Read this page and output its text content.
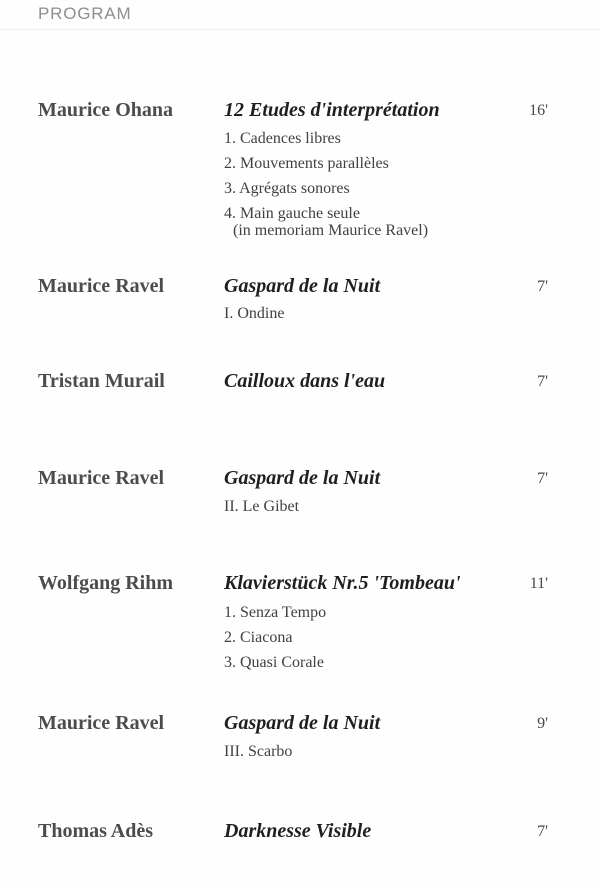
PROGRAM
Maurice Ohana	12 Etudes d'interprétation	16'
1. Cadences libres
2. Mouvements parallèles
3. Agrégats sonores
4. Main gauche seule
(in memoriam Maurice Ravel)
Maurice Ravel	Gaspard de la Nuit	7'
I. Ondine
Tristan Murail	Cailloux dans l'eau	7'
Maurice Ravel	Gaspard de la Nuit	7'
II. Le Gibet
Wolfgang Rihm	Klavierstück Nr.5 'Tombeau'	11'
1. Senza Tempo
2. Ciacona
3. Quasi Corale
Maurice Ravel	Gaspard de la Nuit	9'
III. Scarbo
Thomas Adès	Darknesse Visible	7'
